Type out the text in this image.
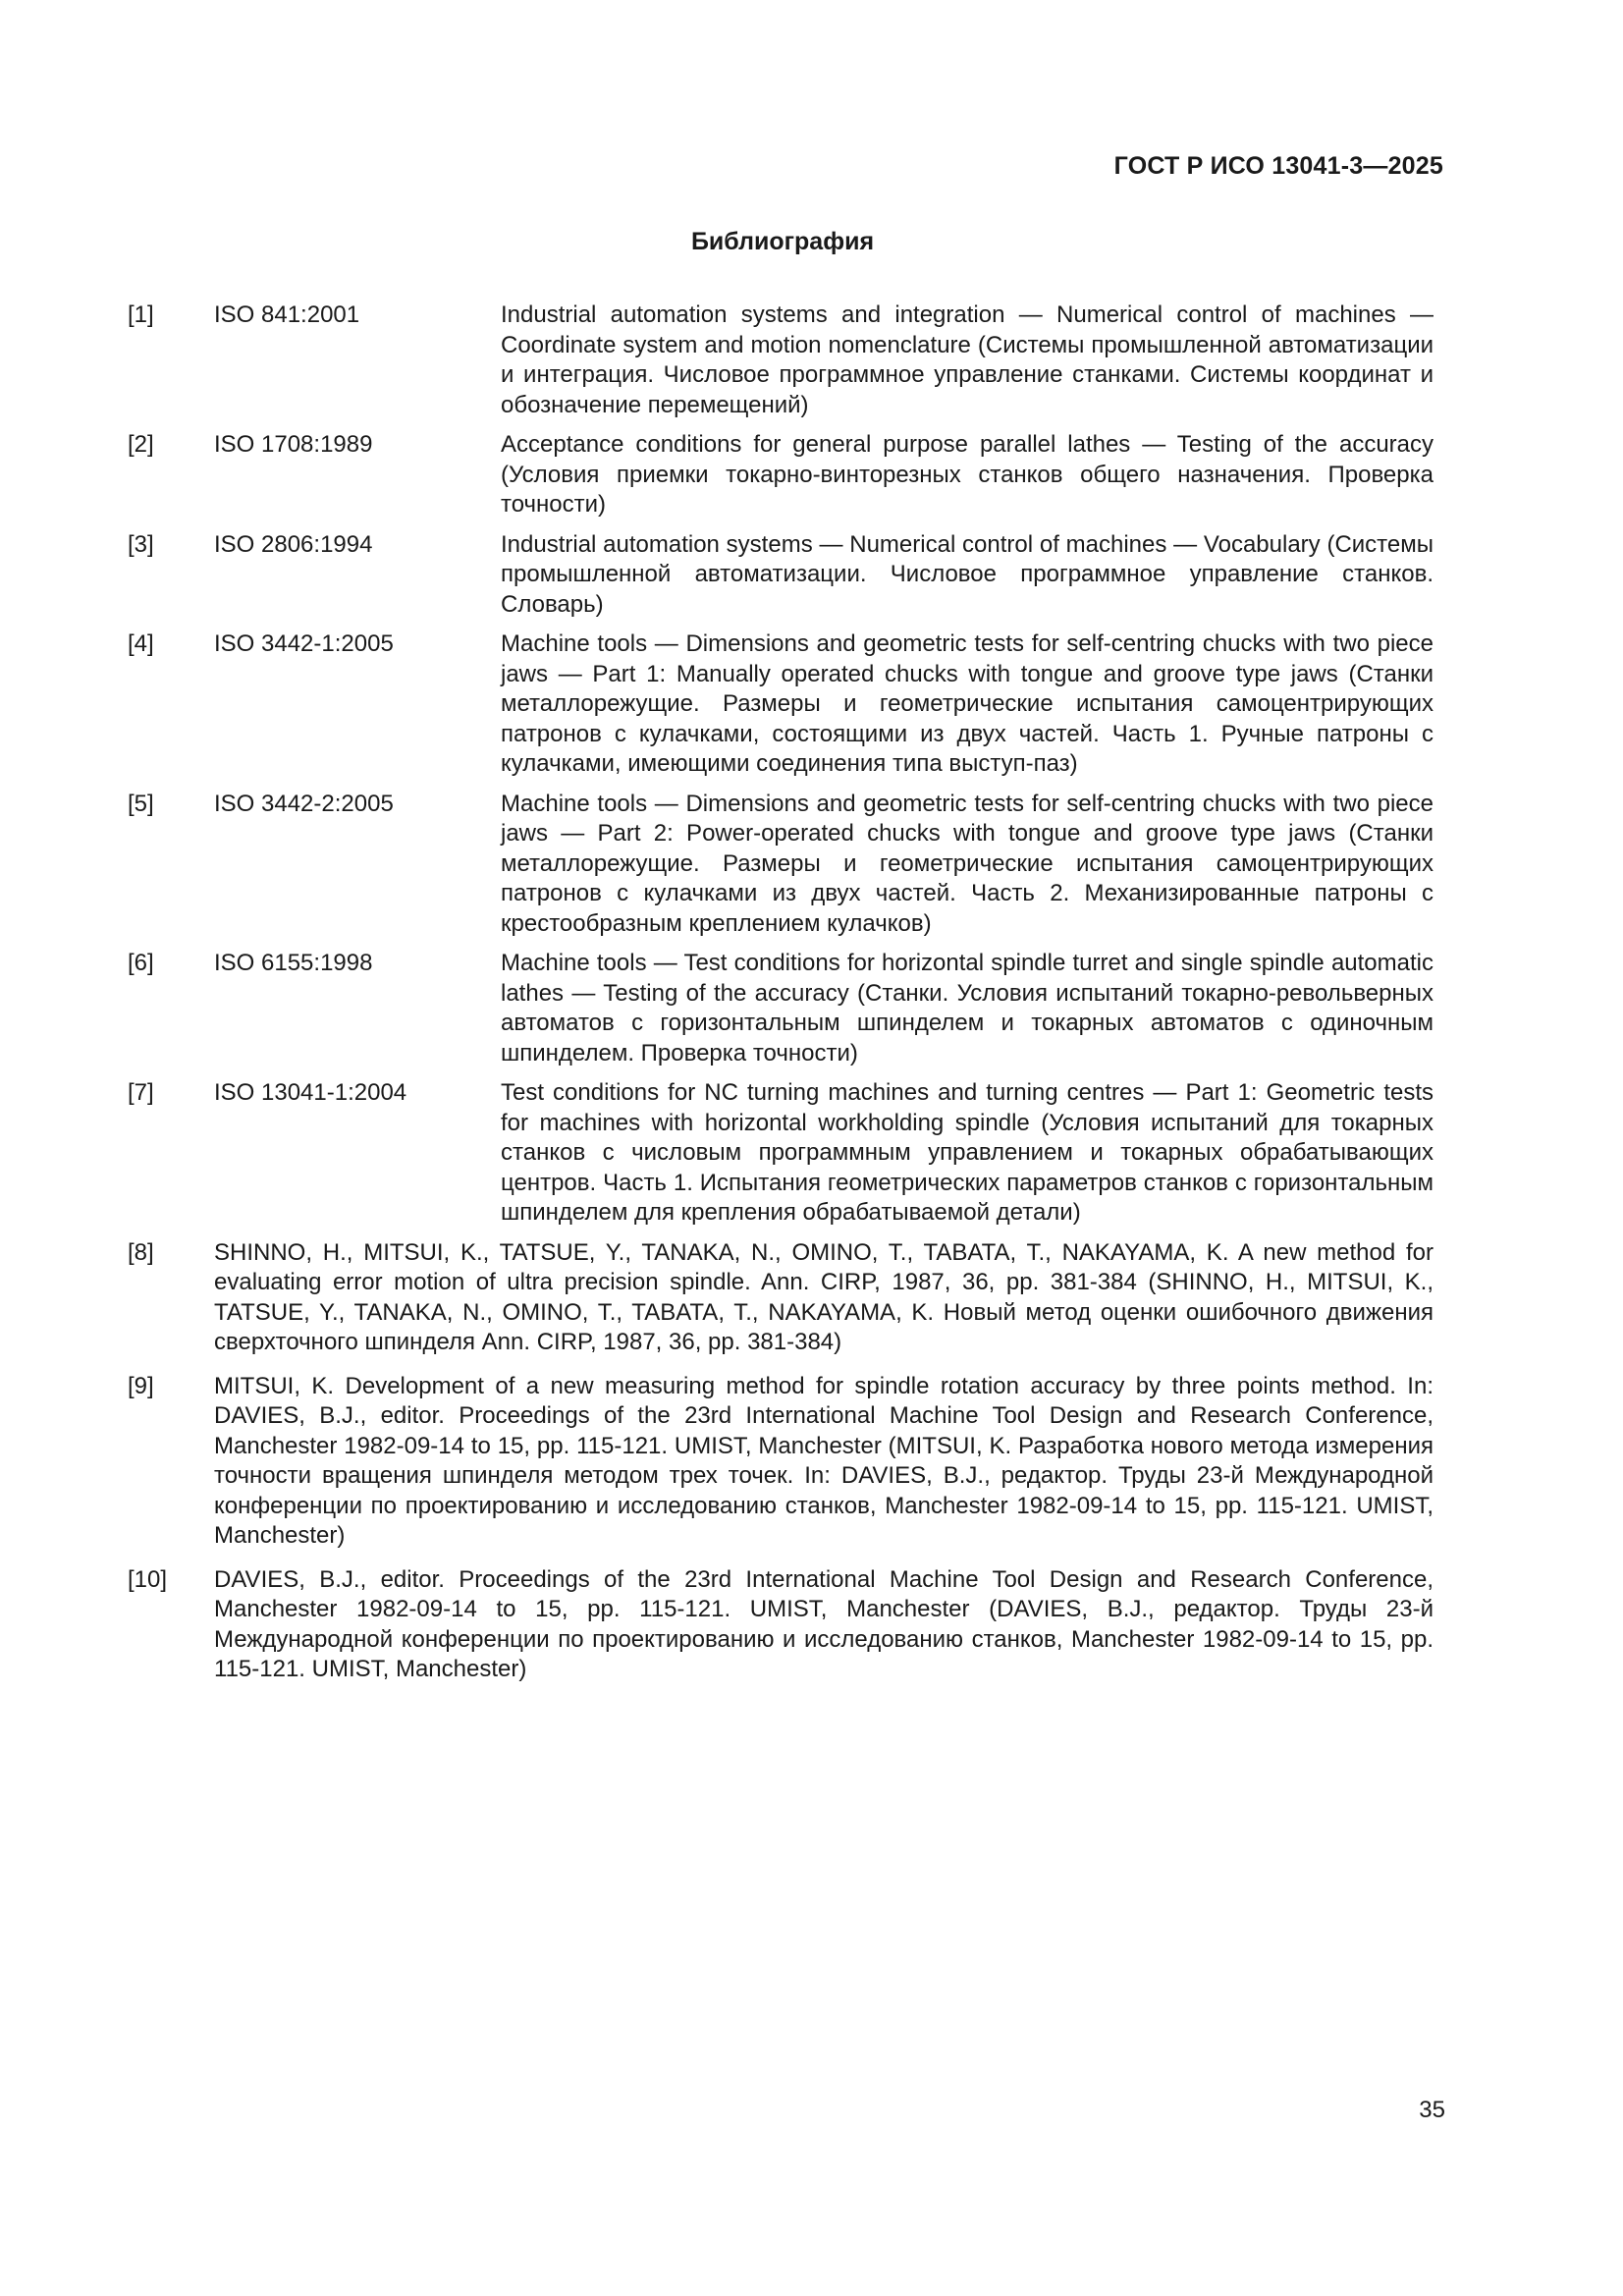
ГОСТ Р ИСО 13041-3—2025
Библиография
[1]	ISO 841:2001	Industrial automation systems and integration — Numerical control of machines — Coordinate system and motion nomenclature (Системы промышленной автоматизации и интеграция. Числовое программное управление станками. Системы координат и обозначение перемещений)
[2]	ISO 1708:1989	Acceptance conditions for general purpose parallel lathes — Testing of the accuracy (Условия приемки токарно-винторезных станков общего назначения. Проверка точности)
[3]	ISO 2806:1994	Industrial automation systems — Numerical control of machines — Vocabulary (Системы промышленной автоматизации. Числовое программное управление станков. Словарь)
[4]	ISO 3442-1:2005	Machine tools — Dimensions and geometric tests for self-centring chucks with two piece jaws — Part 1: Manually operated chucks with tongue and groove type jaws (Станки металлорежущие. Размеры и геометрические испытания самоцентрирующих патронов с кулачками, состоящими из двух частей. Часть 1. Ручные патроны с кулачками, имеющими соединения типа выступ-паз)
[5]	ISO 3442-2:2005	Machine tools — Dimensions and geometric tests for self-centring chucks with two piece jaws — Part 2: Power-operated chucks with tongue and groove type jaws (Станки металлорежущие. Размеры и геометрические испытания самоцентрирующих патронов с кулачками из двух частей. Часть 2. Механизированные патроны с крестообразным креплением кулачков)
[6]	ISO 6155:1998	Machine tools — Test conditions for horizontal spindle turret and single spindle automatic lathes — Testing of the accuracy (Станки. Условия испытаний токарно-револьверных автоматов с горизонтальным шпинделем и токарных автоматов с одиночным шпинделем. Проверка точности)
[7]	ISO 13041-1:2004	Test conditions for NC turning machines and turning centres — Part 1: Geometric tests for machines with horizontal workholding spindle (Условия испытаний для токарных станков с числовым программным управлением и токарных обрабатывающих центров. Часть 1. Испытания геометрических параметров станков с горизонтальным шпинделем для крепления обрабатываемой детали)
[8]	SHINNO, H., MITSUI, K., TATSUE, Y., TANAKA, N., OMINO, T., TABATA, T., NAKAYAMA, K. A new method for evaluating error motion of ultra precision spindle. Ann. CIRP, 1987, 36, pp. 381-384 (SHINNO, H., MITSUI, K., TATSUE, Y., TANAKA, N., OMINO, T., TABATA, T., NAKAYAMA, K. Новый метод оценки ошибочного движения сверхточного шпинделя Ann. CIRP, 1987, 36, pp. 381-384)
[9]	MITSUI, K. Development of a new measuring method for spindle rotation accuracy by three points method. In: DAVIES, B.J., editor. Proceedings of the 23rd International Machine Tool Design and Research Conference, Manchester 1982-09-14 to 15, pp. 115-121. UMIST, Manchester (MITSUI, K. Разработка нового метода измерения точности вращения шпинделя методом трех точек. In: DAVIES, B.J., редактор. Труды 23-й Международной конференции по проектированию и исследованию станков, Manchester 1982-09-14 to 15, pp. 115-121. UMIST, Manchester)
[10] DAVIES, B.J., editor. Proceedings of the 23rd International Machine Tool Design and Research Conference, Manchester 1982-09-14 to 15, pp. 115-121. UMIST, Manchester (DAVIES, B.J., редактор. Труды 23-й Международной конференции по проектированию и исследованию станков, Manchester 1982-09-14 to 15, pp. 115-121. UMIST, Manchester)
35
